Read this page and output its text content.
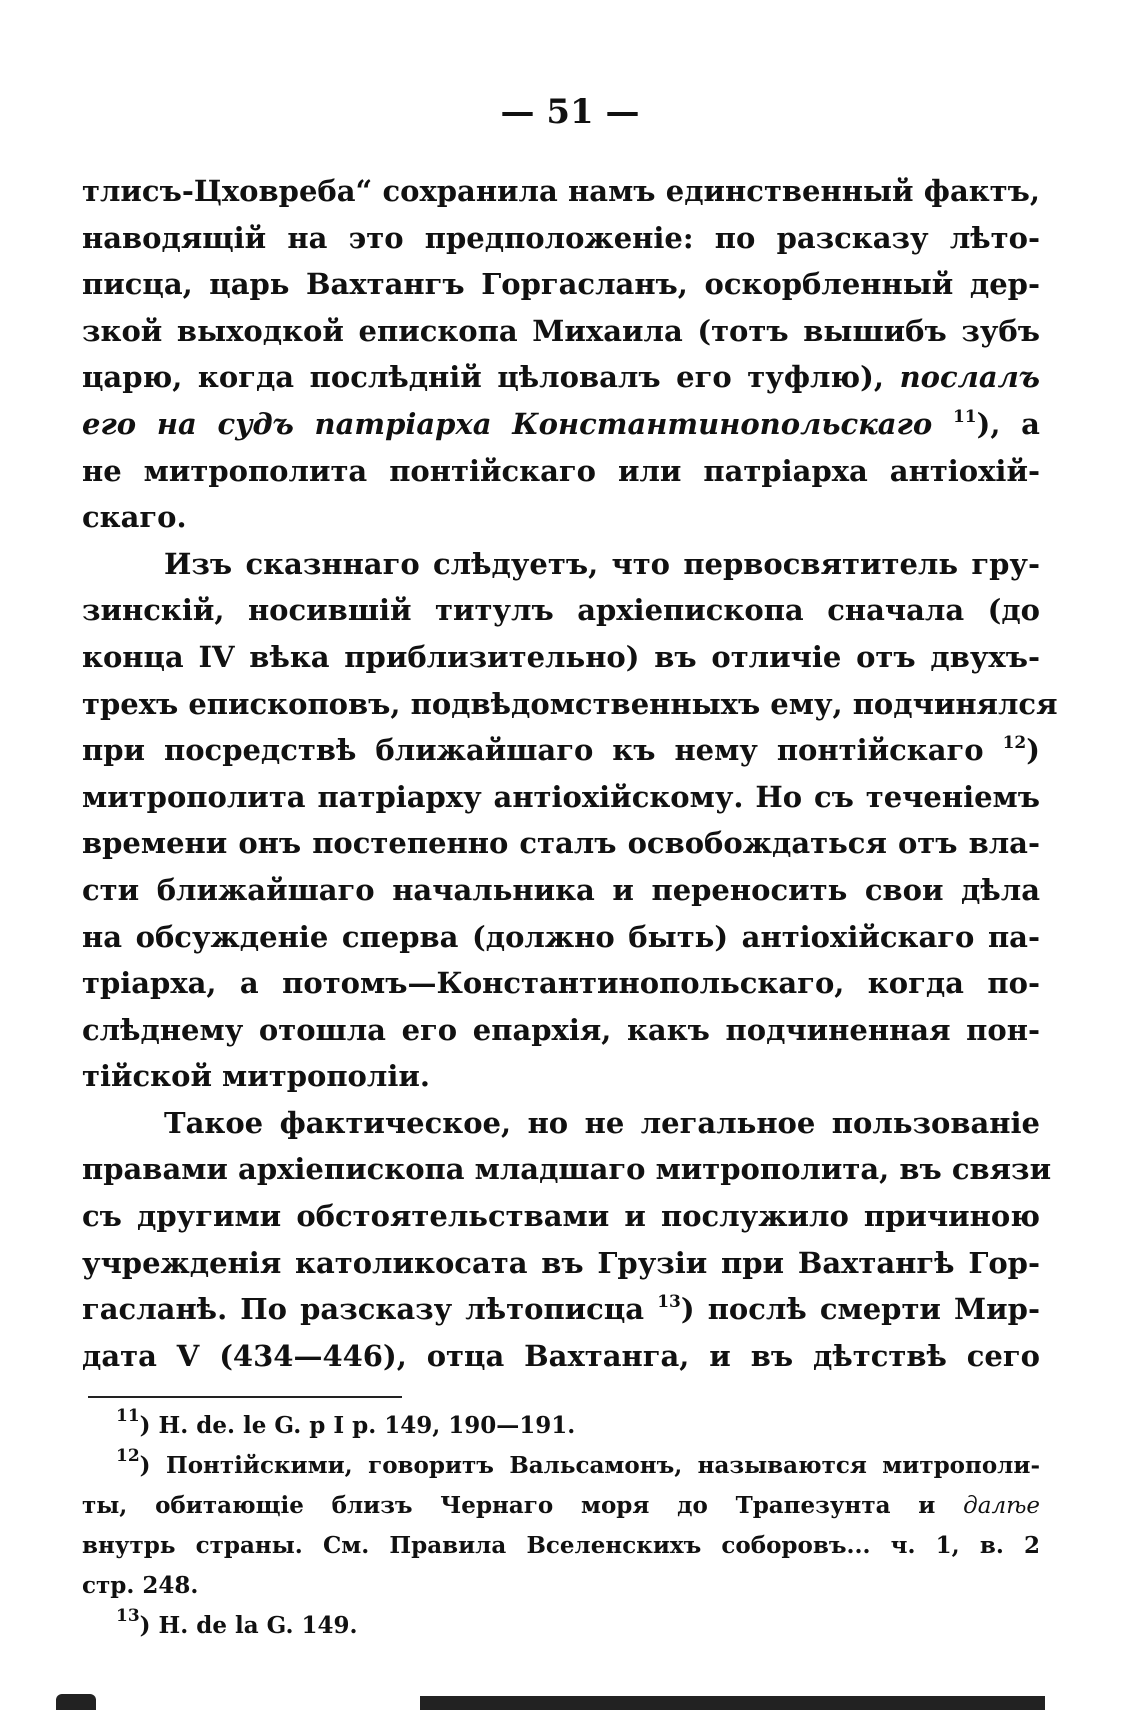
— 51 —
тлисъ-Цховреба“ сохранила намъ единственный фактъ,
наводящій на это предположеніе: по разсказу лѣто-
писца, царь Вахтангъ Горгасланъ, оскорбленный дер-
зкой выходкой епископа Михаила (тотъ вышибъ зубъ
царю, когда послѣдній цѣловалъ его туфлю), послалъ
его на судъ патріарха Константинопольскаго $^{11}$), а
не митрополита понтійскаго или патріарха антіохій-
скаго.
Изъ сказннаго слѣдуетъ, что первосвятитель гру-
зинскій, носившій титулъ архіепископа сначала (до
конца IV вѣка приблизительно) въ отличіе отъ двухъ-
трехъ епископовъ, подвѣдомственныхъ ему, подчинялся
при посредствѣ ближайшаго къ нему понтійскаго $^{12}$)
митрополита патріарху антіохійскому. Но съ теченіемъ
времени онъ постепенно сталъ освобождаться отъ вла-
сти ближайшаго начальника и переносить свои дѣла
на обсужденіе сперва (должно быть) антіохійскаго па-
тріарха, а потомъ—Константинопольскаго, когда по-
слѣднему отошла его епархія, какъ подчиненная пон-
тійской митрополіи.
Такое фактическое, но не легальное пользованіе
правами архіепископа младшаго митрополита, въ связи
съ другими обстоятельствами и послужило причиною
учрежденія католикосата въ Грузіи при Вахтангѣ Гор-
гасланѣ. По разсказу лѣтописца $^{13}$) послѣ смерти Мир-
дата V (434—446), отца Вахтанга, и въ дѣтствѣ сего
$^{11}$) H. de. le G. p I p. 149, 190—191.
$^{12}$) Понтійскими, говоритъ Вальсамонъ, называются митрополи-
ты, обитающіе близъ Чернаго моря до Трапезунта и далѣе
внутрь страны. См. Правила Вселенскихъ соборовъ... ч. 1, в. 2
стр. 248.
$^{13}$) H. de la G. 149.
